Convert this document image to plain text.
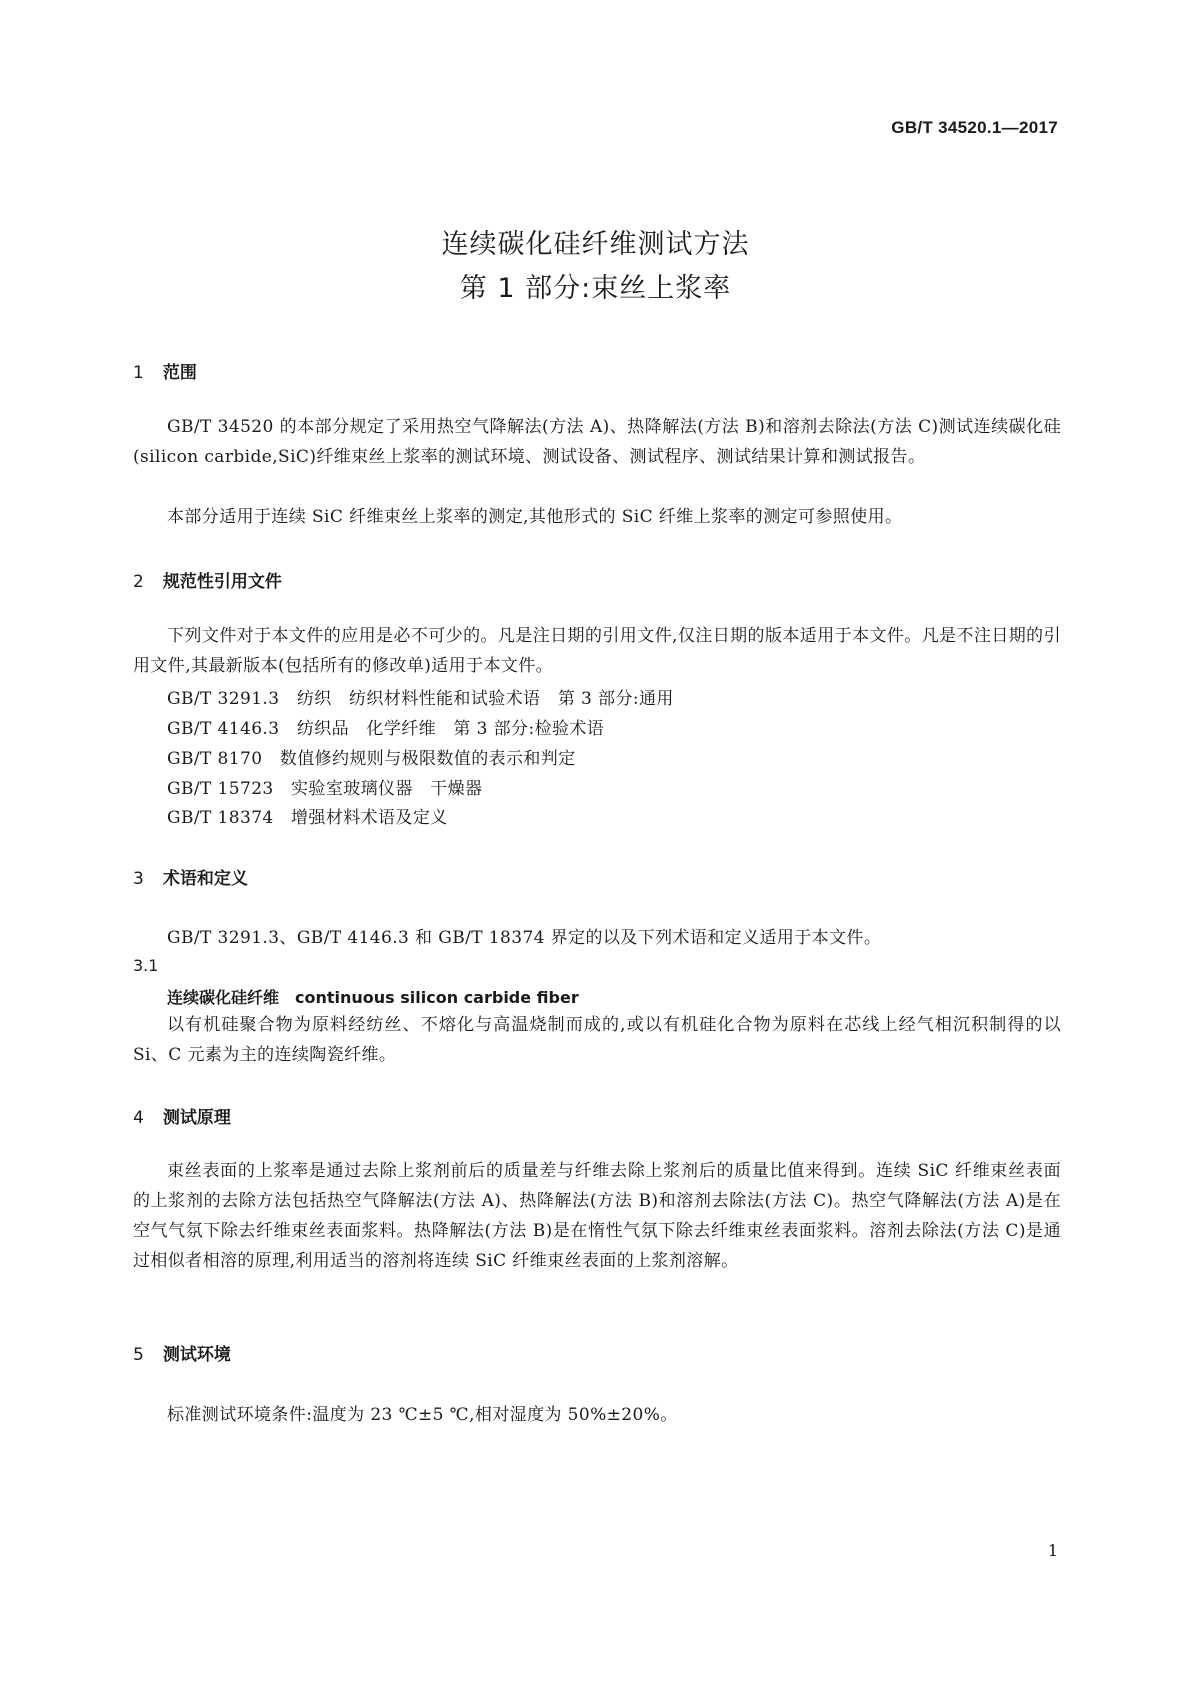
GB/T 34520.1—2017
连续碳化硅纤维测试方法
第 1 部分:束丝上浆率
1 范围
GB/T 34520 的本部分规定了采用热空气降解法(方法 A)、热降解法(方法 B)和溶剂去除法(方法 C)测试连续碳化硅(silicon carbide,SiC)纤维束丝上浆率的测试环境、测试设备、测试程序、测试结果计算和测试报告。
本部分适用于连续 SiC 纤维束丝上浆率的测定,其他形式的 SiC 纤维上浆率的测定可参照使用。
2 规范性引用文件
下列文件对于本文件的应用是必不可少的。凡是注日期的引用文件,仅注日期的版本适用于本文件。凡是不注日期的引用文件,其最新版本(包括所有的修改单)适用于本文件。
GB/T 3291.3　纺织　纺织材料性能和试验术语　第 3 部分:通用
GB/T 4146.3　纺织品　化学纤维　第 3 部分:检验术语
GB/T 8170　数值修约规则与极限数值的表示和判定
GB/T 15723　实验室玻璃仪器　干燥器
GB/T 18374　增强材料术语及定义
3 术语和定义
GB/T 3291.3、GB/T 4146.3 和 GB/T 18374 界定的以及下列术语和定义适用于本文件。
3.1
连续碳化硅纤维 continuous silicon carbide fiber
以有机硅聚合物为原料经纺丝、不熔化与高温烧制而成的,或以有机硅化合物为原料在芯线上经气相沉积制得的以 Si、C 元素为主的连续陶瓷纤维。
4 测试原理
束丝表面的上浆率是通过去除上浆剂前后的质量差与纤维去除上浆剂后的质量比值来得到。连续 SiC 纤维束丝表面的上浆剂的去除方法包括热空气降解法(方法 A)、热降解法(方法 B)和溶剂去除法(方法 C)。热空气降解法(方法 A)是在空气气氛下除去纤维束丝表面浆料。热降解法(方法 B)是在惰性气氛下除去纤维束丝表面浆料。溶剂去除法(方法 C)是通过相似者相溶的原理,利用适当的溶剂将连续 SiC 纤维束丝表面的上浆剂溶解。
5 测试环境
标准测试环境条件:温度为 23 ℃±5 ℃,相对湿度为 50%±20%。
1
